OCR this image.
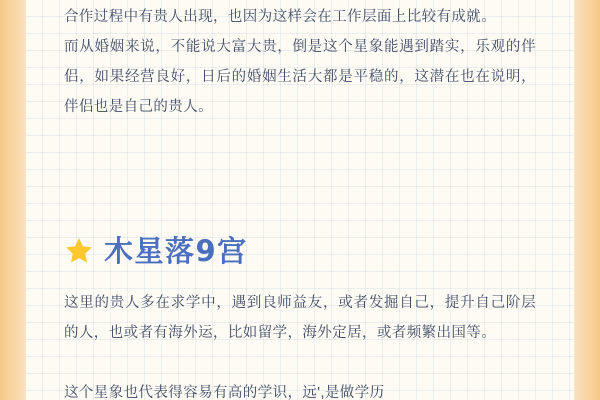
合作过程中有贵人出现，也因为这样会在工作层面上比较有成就。

而从婚姻来说，不能说大富大贵，倒是这个星象能遇到踏实，乐观的伴侣，如果经营良好，日后的婚姻生活大都是平稳的，这潜在也在说明，伴侣也是自己的贵人。

木星落9宫

这里的贵人多在求学中，遇到良师益友，或者发掘自己，提升自己阶层的人，也或者有海外运，比如留学，海外定居，或者频繁出国等。

这个星象也代表得容易有高的学识，远',是做学历
